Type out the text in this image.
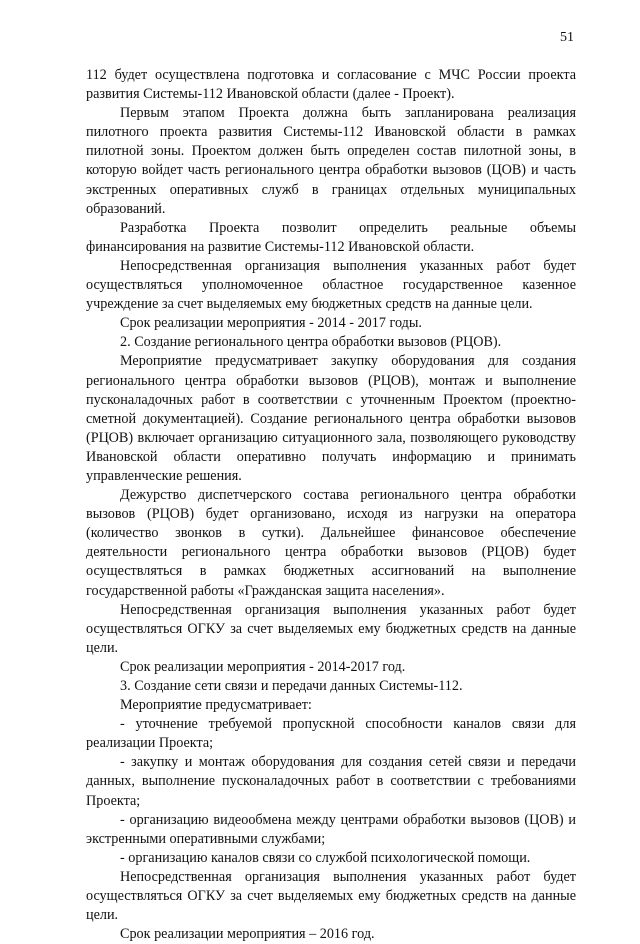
51

112 будет осуществлена подготовка и согласование с МЧС России проекта развития Системы-112 Ивановской области (далее - Проект).

Первым этапом Проекта должна быть запланирована реализация пилотного проекта развития Системы-112 Ивановской области в рамках пилотной зоны. Проектом должен быть определен состав пилотной зоны, в которую войдет часть регионального центра обработки вызовов (ЦОВ) и часть экстренных оперативных служб в границах отдельных муниципальных образований.

Разработка Проекта позволит определить реальные объемы финансирования на развитие Системы-112 Ивановской области.

Непосредственная организация выполнения указанных работ будет осуществляться уполномоченное областное государственное казенное учреждение за счет выделяемых ему бюджетных средств на данные цели.

Срок реализации мероприятия - 2014 - 2017 годы.

2. Создание регионального центра обработки вызовов (РЦОВ).

Мероприятие предусматривает закупку оборудования для создания регионального центра обработки вызовов (РЦОВ), монтаж и выполнение пусконаладочных работ в соответствии с уточненным Проектом (проектно-сметной документацией). Создание регионального центра обработки вызовов (РЦОВ) включает организацию ситуационного зала, позволяющего руководству Ивановской области оперативно получать информацию и принимать управленческие решения.

Дежурство диспетчерского состава регионального центра обработки вызовов (РЦОВ) будет организовано, исходя из нагрузки на оператора (количество звонков в сутки). Дальнейшее финансовое обеспечение деятельности регионального центра обработки вызовов (РЦОВ) будет осуществляться в рамках бюджетных ассигнований на выполнение государственной работы «Гражданская защита населения».

Непосредственная организация выполнения указанных работ будет осуществляться ОГКУ за счет выделяемых ему бюджетных средств на данные цели.

Срок реализации мероприятия - 2014-2017 год.

3. Создание сети связи и передачи данных Системы-112.

Мероприятие предусматривает:

- уточнение требуемой пропускной способности каналов связи для реализации Проекта;

- закупку и монтаж оборудования для создания сетей связи и передачи данных, выполнение пусконаладочных работ в соответствии с требованиями Проекта;

- организацию видеообмена между центрами обработки вызовов (ЦОВ) и экстренными оперативными службами;

- организацию каналов связи со службой психологической помощи.

Непосредственная организация выполнения указанных работ будет осуществляться ОГКУ за счет выделяемых ему бюджетных средств на данные цели.

Срок реализации мероприятия – 2016 год.
